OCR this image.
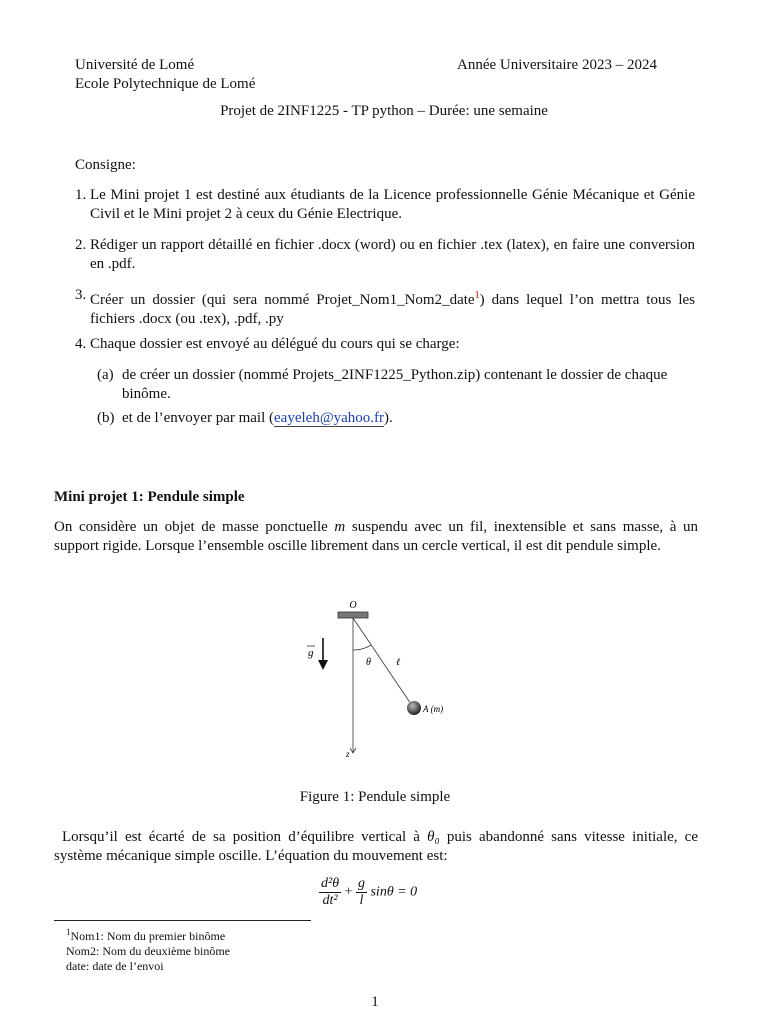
Université de Lomé

Ecole Polytechnique de Lomé

Année Universitaire 2023 – 2024

Projet de 2INF1225 - TP python – Durée: une semaine

Consigne:

1. Le Mini projet 1 est destiné aux étudiants de la Licence professionnelle Génie Mécanique et Génie Civil et le Mini projet 2 à ceux du Génie Electrique.
2. Rédiger un rapport détaillé en fichier .docx (word) ou en fichier .tex (latex), en faire une conversion en .pdf.
3. Créer un dossier (qui sera nommé Projet_Nom1_Nom2_date$^1$) dans lequel l’on mettra tous les fichiers .docx (ou .tex), .pdf, .py
4. Chaque dossier est envoyé au délégué du cours qui se charge:
(a) de créer un dossier (nommé Projets_2INF1225_Python.zip) contenant le dossier de chaque binôme.
(b) et de l’envoyer par mail (eayeleh@yahoo.fr).

Mini projet 1: Pendule simple

On considère un objet de masse ponctuelle m suspendu avec un fil, inextensible et sans masse, à un support rigide. Lorsque l’ensemble oscille librement dans un cercle vertical, il est dit pendule simple.

O
z
g
θ	ℓ
A (m)

Figure 1: Pendule simple

Lorsqu’il est écarté de sa position d’équilibre vertical à θ₀ puis abandonné sans vitesse initiale, ce système mécanique simple oscille. L’équation du mouvement est:

$\frac{\text{d²θ}}{\text{dt²}} + \frac{g}{l}$ sinθ = 0
$^1$Nom1: Nom du premier binôme
Nom2: Nom du deuxième binôme
date: date de l’envoi

1
